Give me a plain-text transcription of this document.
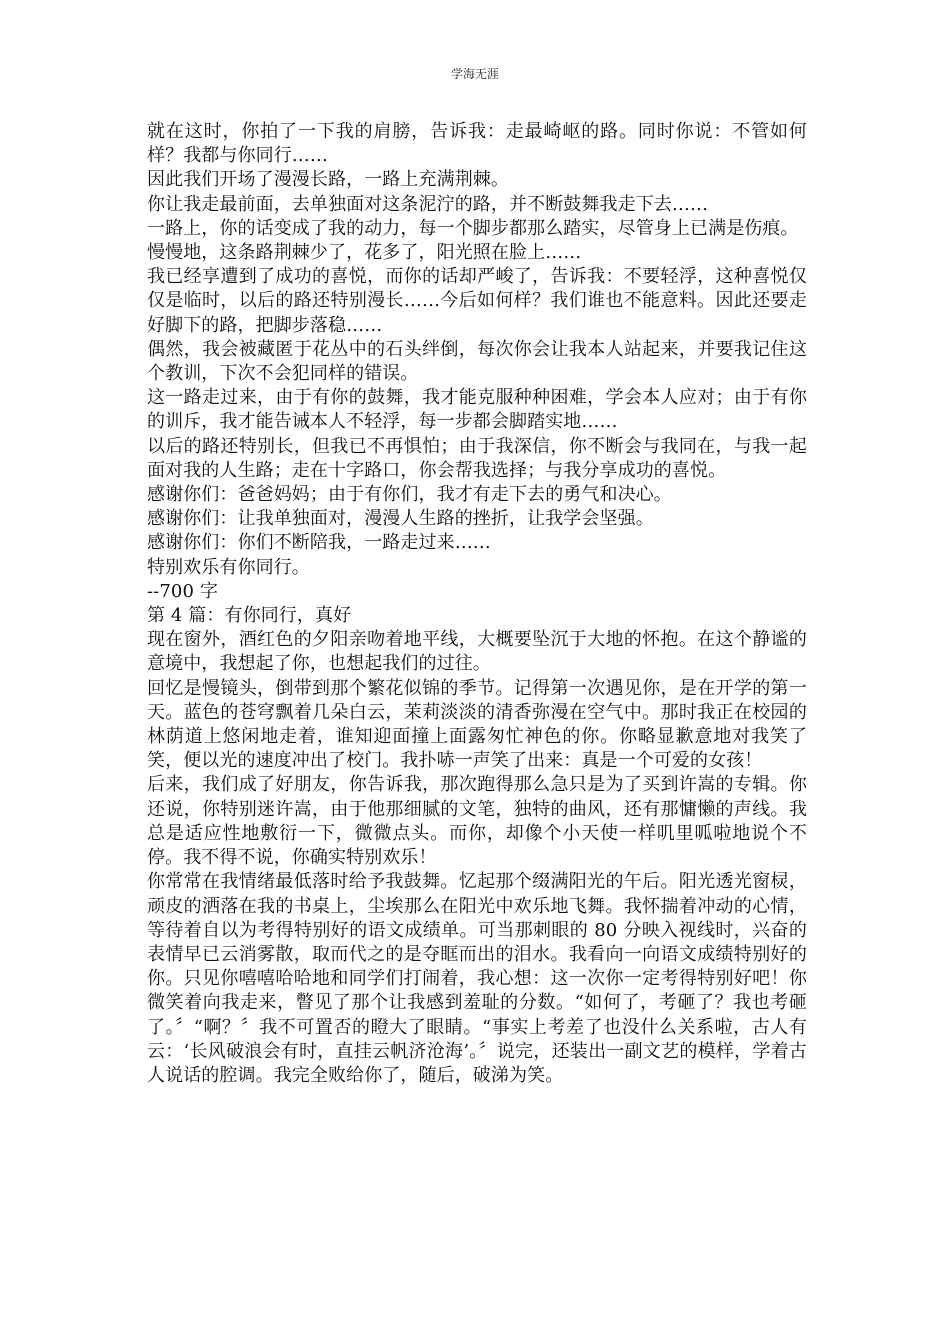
学海无涯

就在这时，你拍了一下我的肩膀，告诉我：走最崎岖的路。同时你说：不管如何样？我都与你同行……

因此我们开场了漫漫长路，一路上充满荆棘。

你让我走最前面，去单独面对这条泥泞的路，并不断鼓舞我走下去……

一路上，你的话变成了我的动力，每一个脚步都那么踏实，尽管身上已满是伤痕。

慢慢地，这条路荆棘少了，花多了，阳光照在脸上……

我已经享遭到了成功的喜悦，而你的话却严峻了，告诉我：不要轻浮，这种喜悦仅仅是临时，以后的路还特别漫长……今后如何样？我们谁也不能意料。因此还要走好脚下的路，把脚步落稳……

偶然，我会被藏匿于花丛中的石头绊倒，每次你会让我本人站起来，并要我记住这个教训，下次不会犯同样的错误。

这一路走过来，由于有你的鼓舞，我才能克服种种困难，学会本人应对；由于有你的训斥，我才能告诫本人不轻浮，每一步都会脚踏实地……

以后的路还特别长，但我已不再惧怕；由于我深信，你不断会与我同在，与我一起面对我的人生路；走在十字路口，你会帮我选择；与我分享成功的喜悦。

感谢你们：爸爸妈妈；由于有你们，我才有走下去的勇气和决心。

感谢你们：让我单独面对，漫漫人生路的挫折，让我学会坚强。

感谢你们：你们不断陪我，一路走过来……

特别欢乐有你同行。

--700 字

第 4 篇：有你同行，真好

现在窗外，酒红色的夕阳亲吻着地平线，大概要坠沉于大地的怀抱。在这个静谧的意境中，我想起了你，也想起我们的过往。

回忆是慢镜头，倒带到那个繁花似锦的季节。记得第一次遇见你，是在开学的第一天。蓝色的苍穹飘着几朵白云，茉莉淡淡的清香弥漫在空气中。那时我正在校园的林荫道上悠闲地走着，谁知迎面撞上面露匆忙神色的你。你略显歉意地对我笑了笑，便以光的速度冲出了校门。我扑哧一声笑了出来：真是一个可爱的女孩！

后来，我们成了好朋友，你告诉我，那次跑得那么急只是为了买到许嵩的专辑。你还说，你特别迷许嵩，由于他那细腻的文笔，独特的曲风，还有那慵懒的声线。我总是适应性地敷衍一下，微微点头。而你，却像个小天使一样叽里呱啦地说个不停。我不得不说，你确实特别欢乐！

你常常在我情绪最低落时给予我鼓舞。忆起那个缀满阳光的午后。阳光透光窗棂，顽皮的洒落在我的书桌上，尘埃那么在阳光中欢乐地飞舞。我怀揣着冲动的心情，等待着自以为考得特别好的语文成绩单。可当那刺眼的 80 分映入视线时，兴奋的表情早已云消雾散，取而代之的是夺眶而出的泪水。我看向一向语文成绩特别好的你。只见你嘻嘻哈哈地和同学们打闹着，我心想：这一次你一定考得特别好吧！你微笑着向我走来，瞥见了那个让我感到羞耻的分数。“如何了，考砸了？我也考砸了。〞“啊？〞我不可置否的瞪大了眼睛。“事实上考差了也没什么关系啦，古人有云：‘长风破浪会有时，直挂云帆济沧海’。〞说完，还装出一副文艺的模样，学着古人说话的腔调。我完全败给你了，随后，破涕为笑。
